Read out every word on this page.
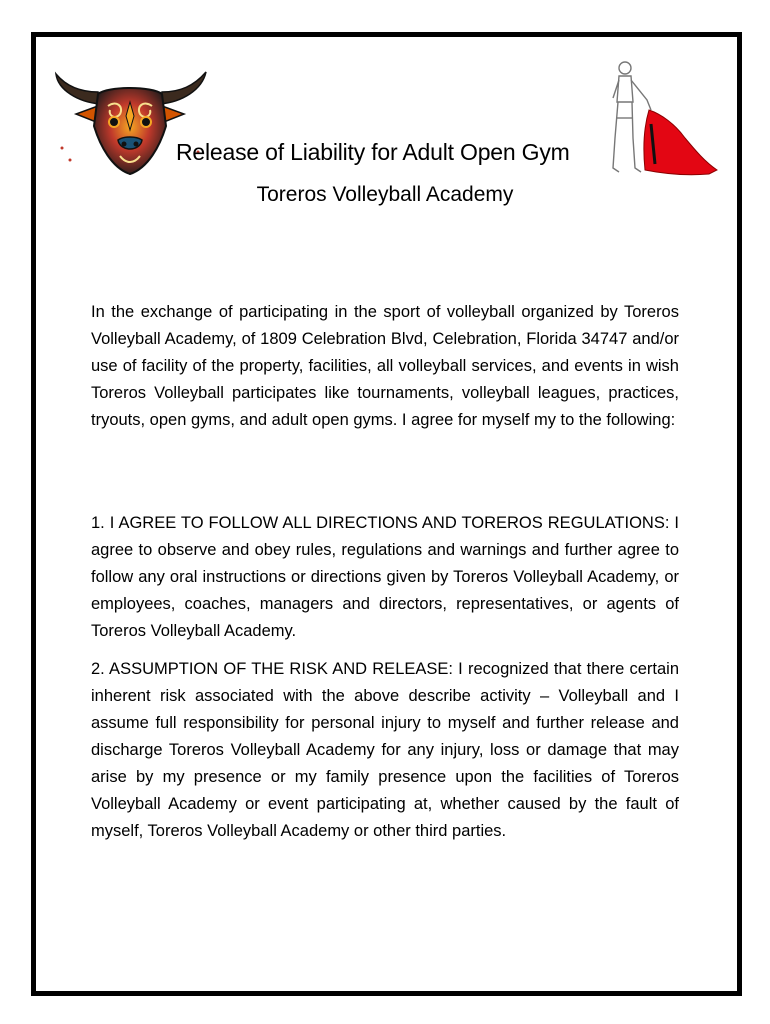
Release of Liability for Adult Open Gym
Toreros Volleyball Academy

In the exchange of participating in the sport of volleyball organized by Toreros Volleyball Academy, of 1809 Celebration Blvd, Celebration, Florida 34747 and/or use of facility of the property, facilities, all volleyball services, and events in wish Toreros Volleyball participates like tournaments, volleyball leagues, practices, tryouts, open gyms, and adult open gyms. I agree for myself my to the following:

1. I AGREE TO FOLLOW ALL DIRECTIONS AND TOREROS REGULATIONS: I agree to observe and obey rules, regulations and warnings and further agree to follow any oral instructions or directions given by Toreros Volleyball Academy, or employees, coaches, managers and directors, representatives, or agents of Toreros Volleyball Academy.

2. ASSUMPTION OF THE RISK AND RELEASE: I recognized that there certain inherent risk associated with the above describe activity – Volleyball and I assume full responsibility for personal injury to myself and further release and discharge Toreros Volleyball Academy for any injury, loss or damage that may arise by my presence or my family presence upon the facilities of Toreros Volleyball Academy or event participating at, whether caused by the fault of myself, Toreros Volleyball Academy or other third parties.
